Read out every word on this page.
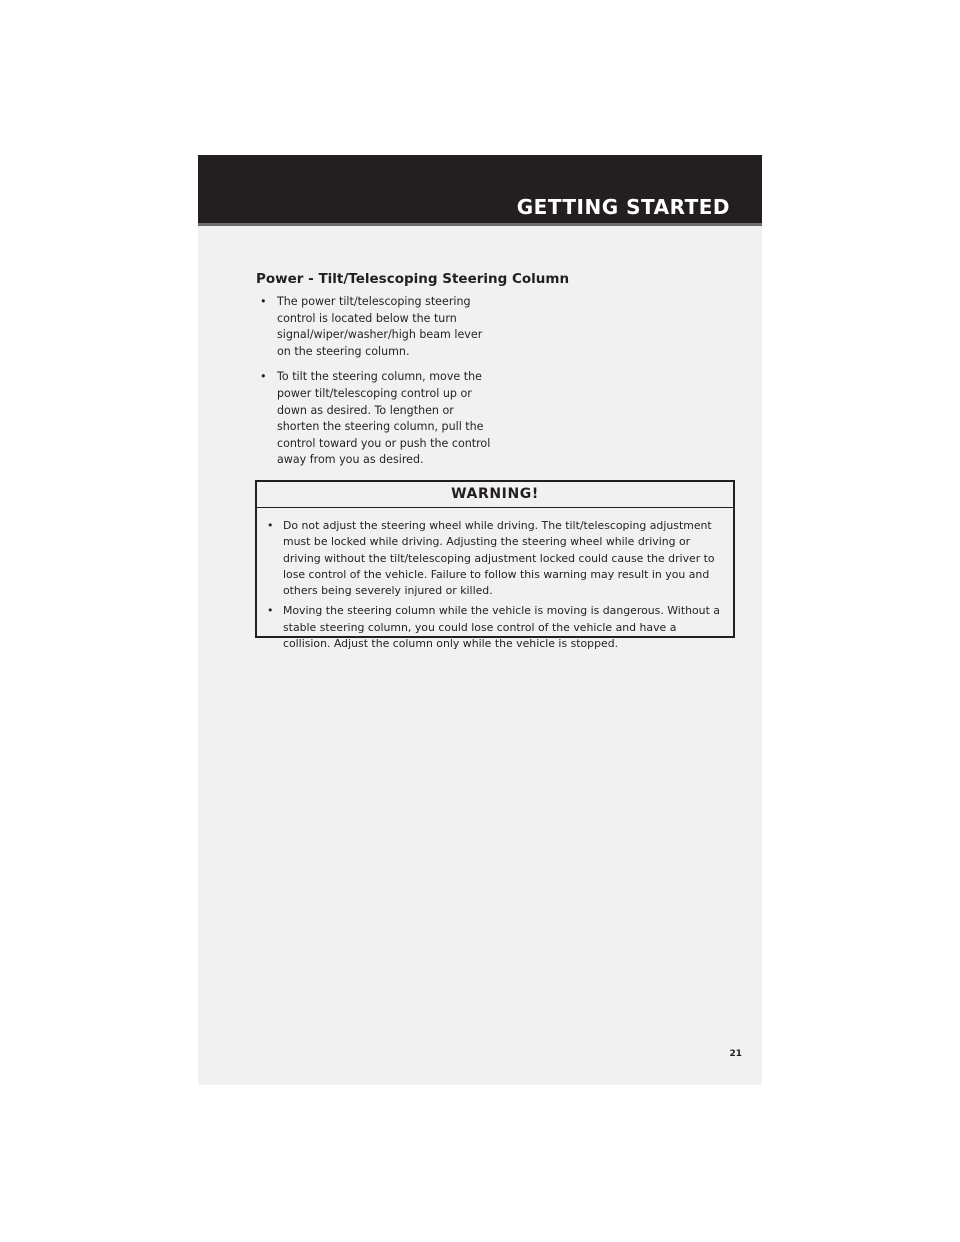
GETTING STARTED
Power - Tilt/Telescoping Steering Column
• The power tilt/telescoping steering control is located below the turn signal/wiper/washer/high beam lever on the steering column.
• To tilt the steering column, move the power tilt/telescoping control up or down as desired. To lengthen or shorten the steering column, pull the control toward you or push the control away from you as desired.
WARNING!
• Do not adjust the steering wheel while driving. The tilt/telescoping adjustment must be locked while driving. Adjusting the steering wheel while driving or driving without the tilt/telescoping adjustment locked could cause the driver to lose control of the vehicle. Failure to follow this warning may result in you and others being severely injured or killed.
• Moving the steering column while the vehicle is moving is dangerous. Without a stable steering column, you could lose control of the vehicle and have a collision. Adjust the column only while the vehicle is stopped.
21
